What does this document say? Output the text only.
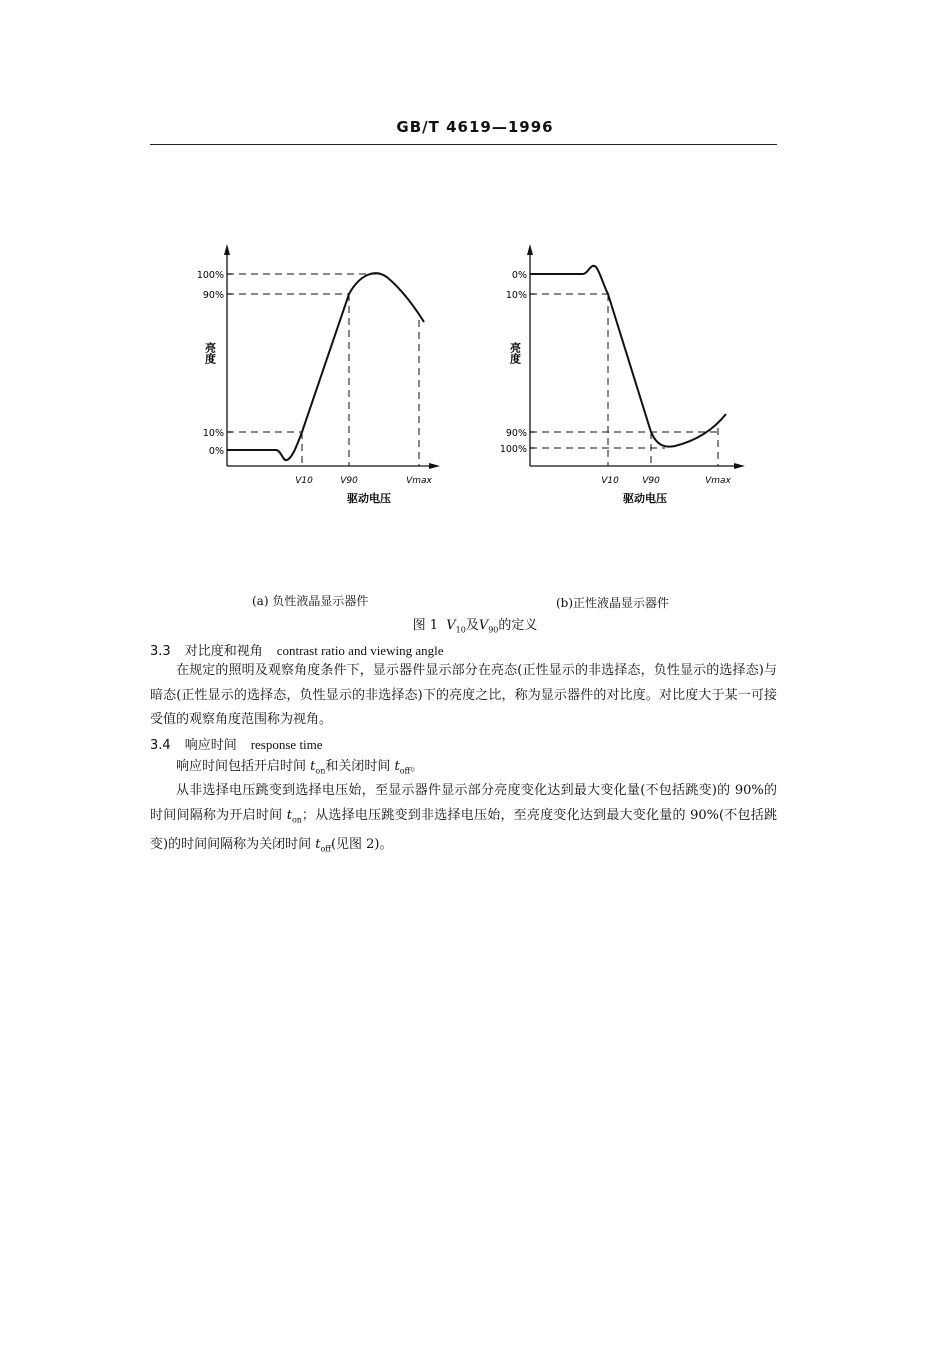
GB/T 4619—1996
100%
90%
10%
0%
亮度
V10	V90	Vmax
驱动电压
0%
10%
90%
100%
亮度
V10	V90	Vmax
驱动电压
(a) 负性液晶显示器件	(b)正性液晶显示器件
图 1 $V_{10}$及$V_{90}$的定义
3.3 对比度和视角 contrast ratio and viewing angle
在规定的照明及观察角度条件下，显示器件显示部分在亮态(正性显示的非选择态，负性显示的选择态)与暗态(正性显示的选择态，负性显示的非选择态)下的亮度之比，称为显示器件的对比度。对比度大于某一可接受值的观察角度范围称为视角。
3.4 响应时间 response time
响应时间包括开启时间 $t_{on}$和关闭时间 $t_{off}$。
从非选择电压跳变到选择电压始，至显示器件显示部分亮度变化达到最大变化量(不包括跳变)的 90%的时间间隔称为开启时间 $t_{on}$；从选择电压跳变到非选择电压始，至亮度变化达到最大变化量的 90%(不包括跳变)的时间间隔称为关闭时间 $t_{off}$(见图 2)。
